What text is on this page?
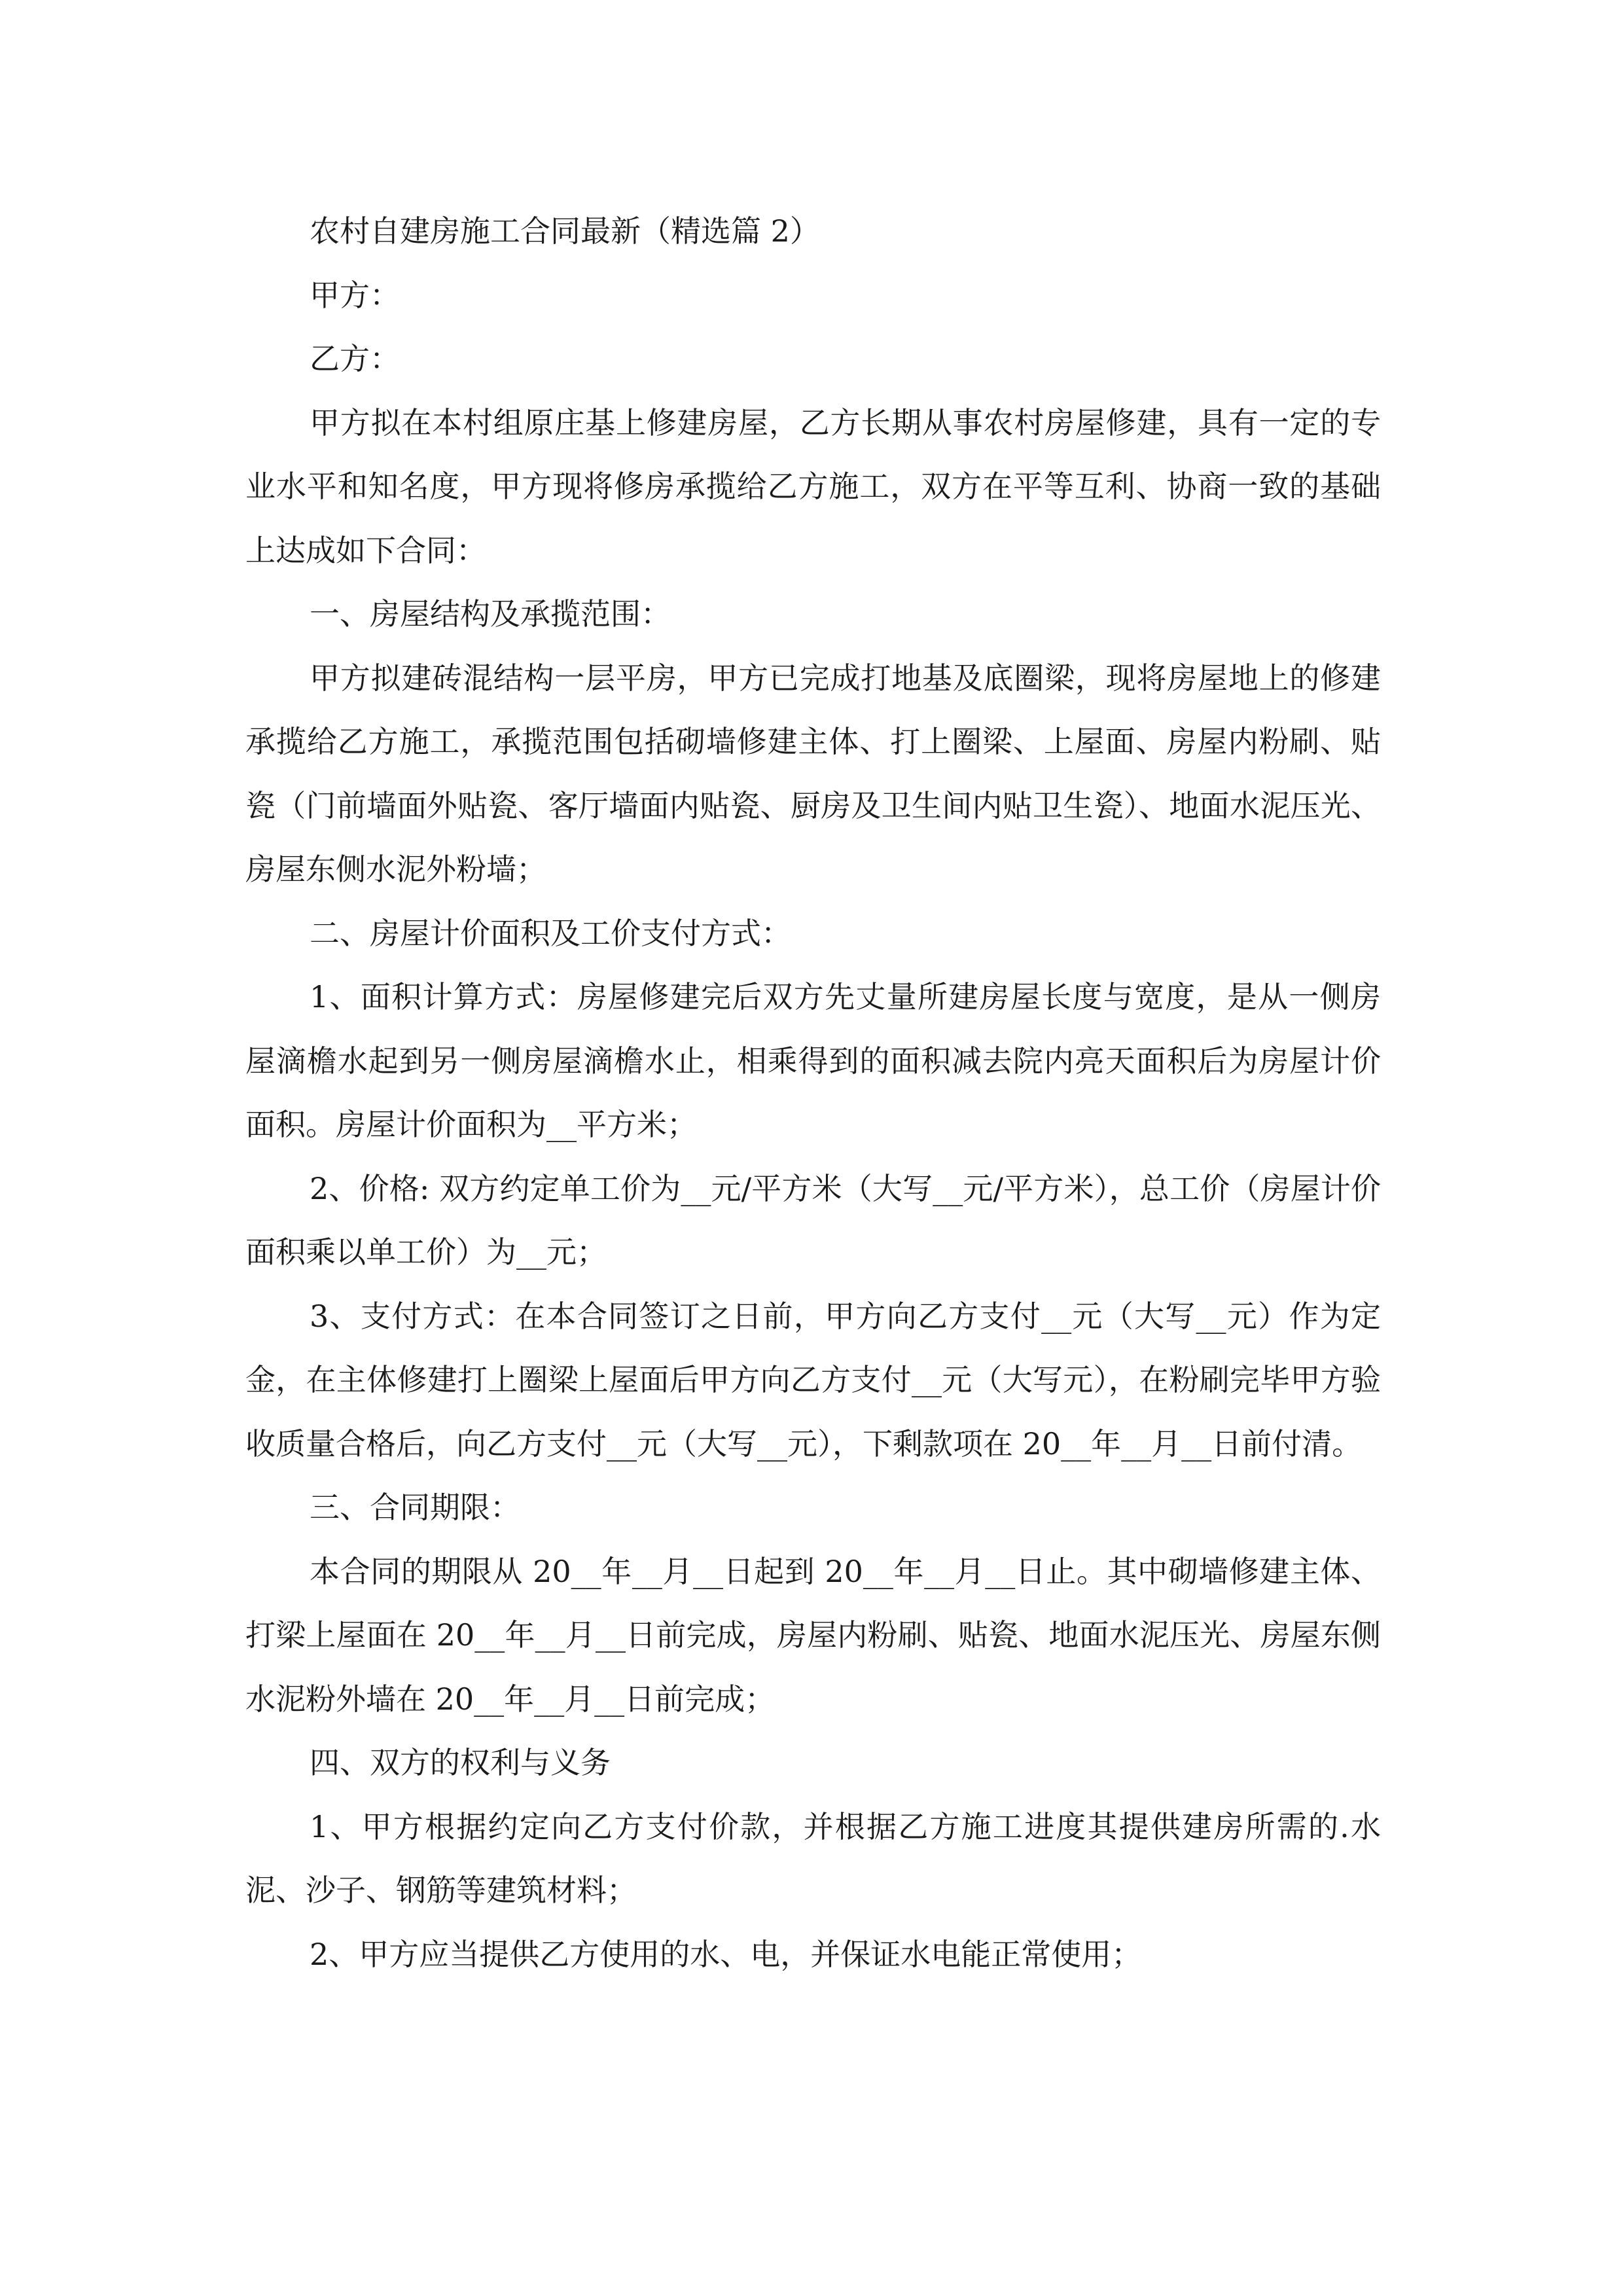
农村自建房施工合同最新（精选篇 2）

甲方：

乙方：

甲方拟在本村组原庄基上修建房屋，乙方长期从事农村房屋修建，具有一定的专业水平和知名度，甲方现将修房承揽给乙方施工，双方在平等互利、协商一致的基础上达成如下合同：

一、房屋结构及承揽范围：

甲方拟建砖混结构一层平房，甲方已完成打地基及底圈梁，现将房屋地上的修建承揽给乙方施工，承揽范围包括砌墙修建主体、打上圈梁、上屋面、房屋内粉刷、贴瓷（门前墙面外贴瓷、客厅墙面内贴瓷、厨房及卫生间内贴卫生瓷）、地面水泥压光、房屋东侧水泥外粉墙；

二、房屋计价面积及工价支付方式：

1、面积计算方式：房屋修建完后双方先丈量所建房屋长度与宽度，是从一侧房屋滴檐水起到另一侧房屋滴檐水止，相乘得到的面积减去院内亮天面积后为房屋计价面积。房屋计价面积为__平方米；

2、价格: 双方约定单工价为__元/平方米（大写__元/平方米），总工价（房屋计价面积乘以单工价）为__元；

3、支付方式：在本合同签订之日前，甲方向乙方支付__元（大写__元）作为定金，在主体修建打上圈梁上屋面后甲方向乙方支付__元（大写元），在粉刷完毕甲方验收质量合格后，向乙方支付__元（大写__元），下剩款项在 20__年__月__日前付清。

三、合同期限：

本合同的期限从 20__年__月__日起到 20__年__月__日止。其中砌墙修建主体、打梁上屋面在 20__年__月__日前完成，房屋内粉刷、贴瓷、地面水泥压光、房屋东侧水泥粉外墙在 20__年__月__日前完成；

四、双方的权利与义务

1、甲方根据约定向乙方支付价款，并根据乙方施工进度其提供建房所需的.水泥、沙子、钢筋等建筑材料；

2、甲方应当提供乙方使用的水、电，并保证水电能正常使用；
